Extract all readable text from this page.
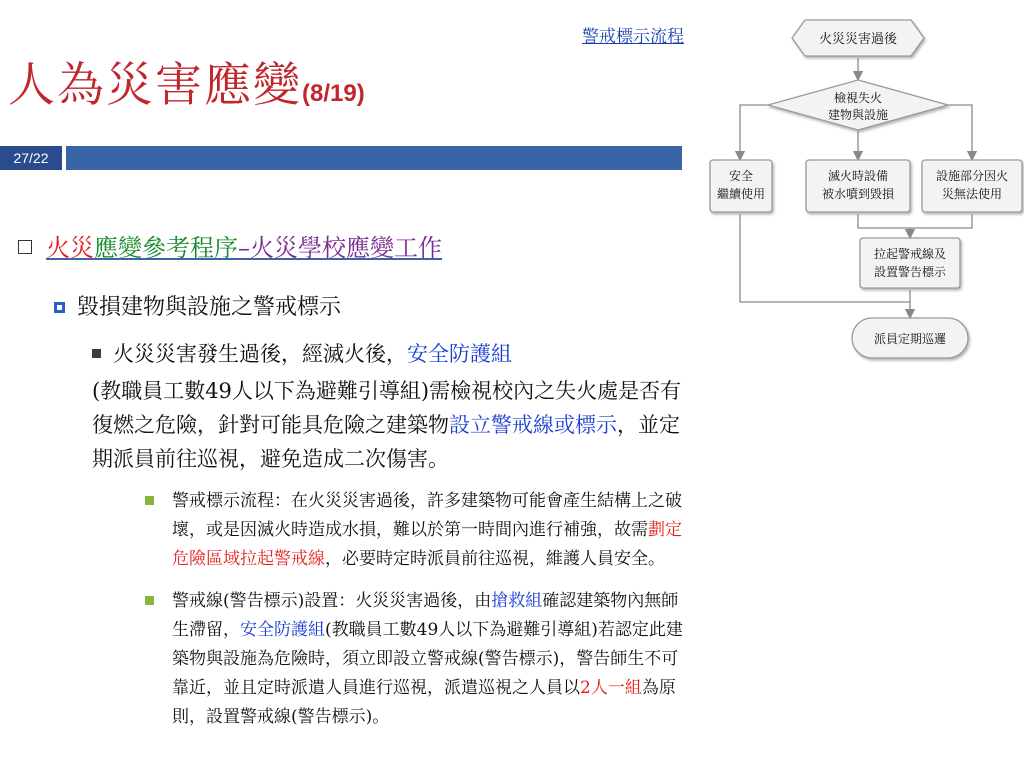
人為災害應變(8/19)
27/22
警戒標示流程	火災災害過後
檢視失火
建物與設施
安全
繼續使用
滅火時設備
被水噴到毀損
設施部分因火
災無法使用
拉起警戒線及
設置警告標示
派員定期巡邏
火災應變參考程序–火災學校應變工作
毀損建物與設施之警戒標示
火災災害發生過後，經滅火後，安全防護組
(教職員工數49人以下為避難引導組)需檢視校內之失火處是否有
復燃之危險，針對可能具危險之建築物設立警戒線或標示，並定
期派員前往巡視，避免造成二次傷害。
警戒標示流程：在火災災害過後，許多建築物可能會產生結構上之破
壞，或是因滅火時造成水損，難以於第一時間內進行補強，故需劃定
危險區域拉起警戒線，必要時定時派員前往巡視，維護人員安全。
警戒線(警告標示)設置：火災災害過後，由搶救組確認建築物內無師
生滯留，安全防護組(教職員工數49人以下為避難引導組)若認定此建
築物與設施為危險時，須立即設立警戒線(警告標示)，警告師生不可
靠近，並且定時派遣人員進行巡視，派遣巡視之人員以2人一組為原
則，設置警戒線(警告標示)。
